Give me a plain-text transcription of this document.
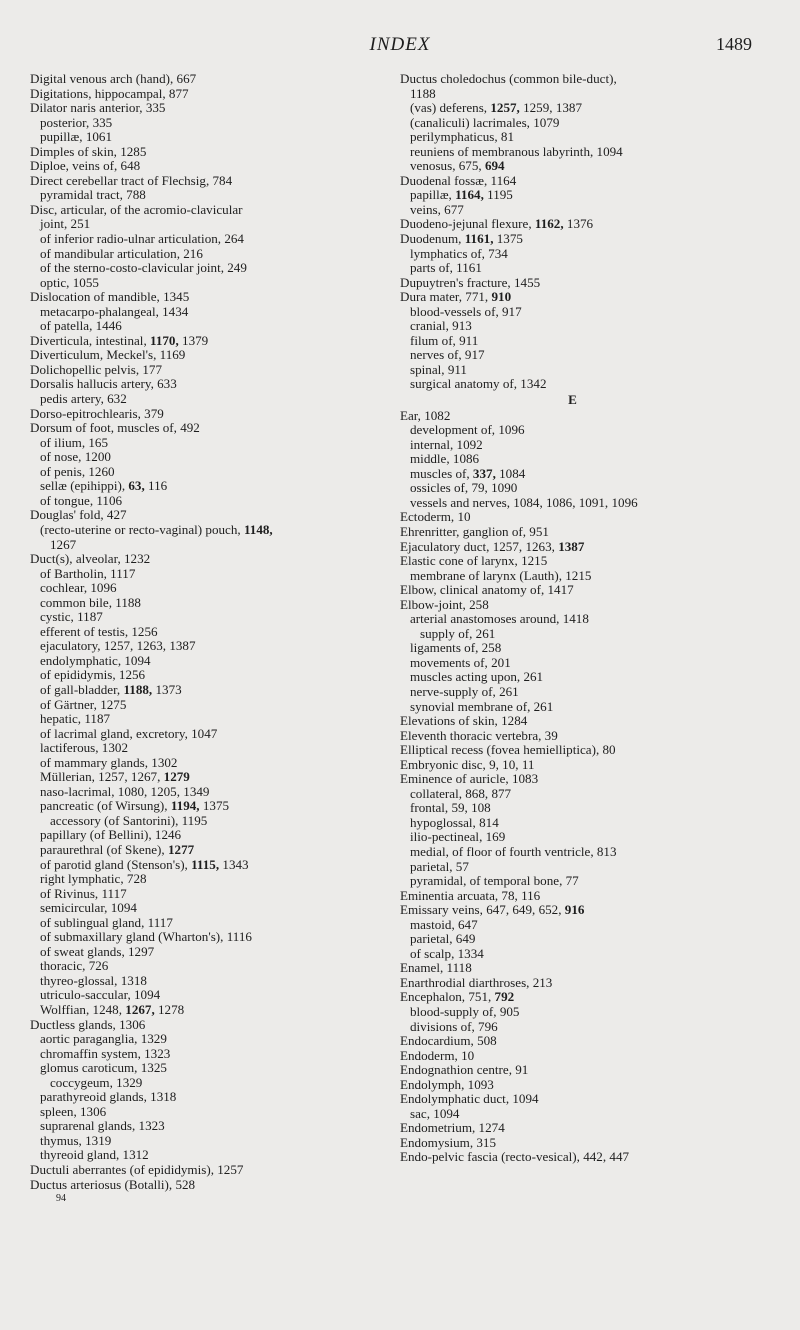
INDEX	1489
Digital venous arch (hand), 667
Digitations, hippocampal, 877
Dilator naris anterior, 335
posterior, 335
pupillæ, 1061
Dimples of skin, 1285
Diploe, veins of, 648
Direct cerebellar tract of Flechsig, 784
pyramidal tract, 788
Disc, articular, of the acromio-clavicular
joint, 251
of inferior radio-ulnar articulation, 264
of mandibular articulation, 216
of the sterno-costo-clavicular joint, 249
optic, 1055
Dislocation of mandible, 1345
metacarpo-phalangeal, 1434
of patella, 1446
Diverticula, intestinal, 1170, 1379
Diverticulum, Meckel's, 1169
Dolichopellic pelvis, 177
Dorsalis hallucis artery, 633
pedis artery, 632
Dorso-epitrochlearis, 379
Dorsum of foot, muscles of, 492
of ilium, 165
of nose, 1200
of penis, 1260
sellæ (epihippi), 63, 116
of tongue, 1106
Douglas' fold, 427
(recto-uterine or recto-vaginal) pouch, 1148,
1267
Duct(s), alveolar, 1232
of Bartholin, 1117
cochlear, 1096
common bile, 1188
cystic, 1187
efferent of testis, 1256
ejaculatory, 1257, 1263, 1387
endolymphatic, 1094
of epididymis, 1256
of gall-bladder, 1188, 1373
of Gärtner, 1275
hepatic, 1187
of lacrimal gland, excretory, 1047
lactiferous, 1302
of mammary glands, 1302
Müllerian, 1257, 1267, 1279
naso-lacrimal, 1080, 1205, 1349
pancreatic (of Wirsung), 1194, 1375
accessory (of Santorini), 1195
papillary (of Bellini), 1246
paraurethral (of Skene), 1277
of parotid gland (Stenson's), 1115, 1343
right lymphatic, 728
of Rivinus, 1117
semicircular, 1094
of sublingual gland, 1117
of submaxillary gland (Wharton's), 1116
of sweat glands, 1297
thoracic, 726
thyreo-glossal, 1318
utriculo-saccular, 1094
Wolffian, 1248, 1267, 1278
Ductless glands, 1306
aortic paraganglia, 1329
chromaffin system, 1323
glomus caroticum, 1325
coccygeum, 1329
parathyreoid glands, 1318
spleen, 1306
suprarenal glands, 1323
thymus, 1319
thyreoid gland, 1312
Ductuli aberrantes (of epididymis), 1257
Ductus arteriosus (Botalli), 528
94
Ductus choledochus (common bile-duct),
1188
(vas) deferens, 1257, 1259, 1387
(canaliculi) lacrimales, 1079
perilymphaticus, 81
reuniens of membranous labyrinth, 1094
venosus, 675, 694
Duodenal fossæ, 1164
papillæ, 1164, 1195
veins, 677
Duodeno-jejunal flexure, 1162, 1376
Duodenum, 1161, 1375
lymphatics of, 734
parts of, 1161
Dupuytren's fracture, 1455
Dura mater, 771, 910
blood-vessels of, 917
cranial, 913
filum of, 911
nerves of, 917
spinal, 911
surgical anatomy of, 1342
E
Ear, 1082
development of, 1096
internal, 1092
middle, 1086
muscles of, 337, 1084
ossicles of, 79, 1090
vessels and nerves, 1084, 1086, 1091, 1096
Ectoderm, 10
Ehrenritter, ganglion of, 951
Ejaculatory duct, 1257, 1263, 1387
Elastic cone of larynx, 1215
membrane of larynx (Lauth), 1215
Elbow, clinical anatomy of, 1417
Elbow-joint, 258
arterial anastomoses around, 1418
supply of, 261
ligaments of, 258
movements of, 201
muscles acting upon, 261
nerve-supply of, 261
synovial membrane of, 261
Elevations of skin, 1284
Eleventh thoracic vertebra, 39
Elliptical recess (fovea hemielliptica), 80
Embryonic disc, 9, 10, 11
Eminence of auricle, 1083
collateral, 868, 877
frontal, 59, 108
hypoglossal, 814
ilio-pectineal, 169
medial, of floor of fourth ventricle, 813
parietal, 57
pyramidal, of temporal bone, 77
Eminentia arcuata, 78, 116
Emissary veins, 647, 649, 652, 916
mastoid, 647
parietal, 649
of scalp, 1334
Enamel, 1118
Enarthrodial diarthroses, 213
Encephalon, 751, 792
blood-supply of, 905
divisions of, 796
Endocardium, 508
Endoderm, 10
Endognathion centre, 91
Endolymph, 1093
Endolymphatic duct, 1094
sac, 1094
Endometrium, 1274
Endomysium, 315
Endo-pelvic fascia (recto-vesical), 442, 447
